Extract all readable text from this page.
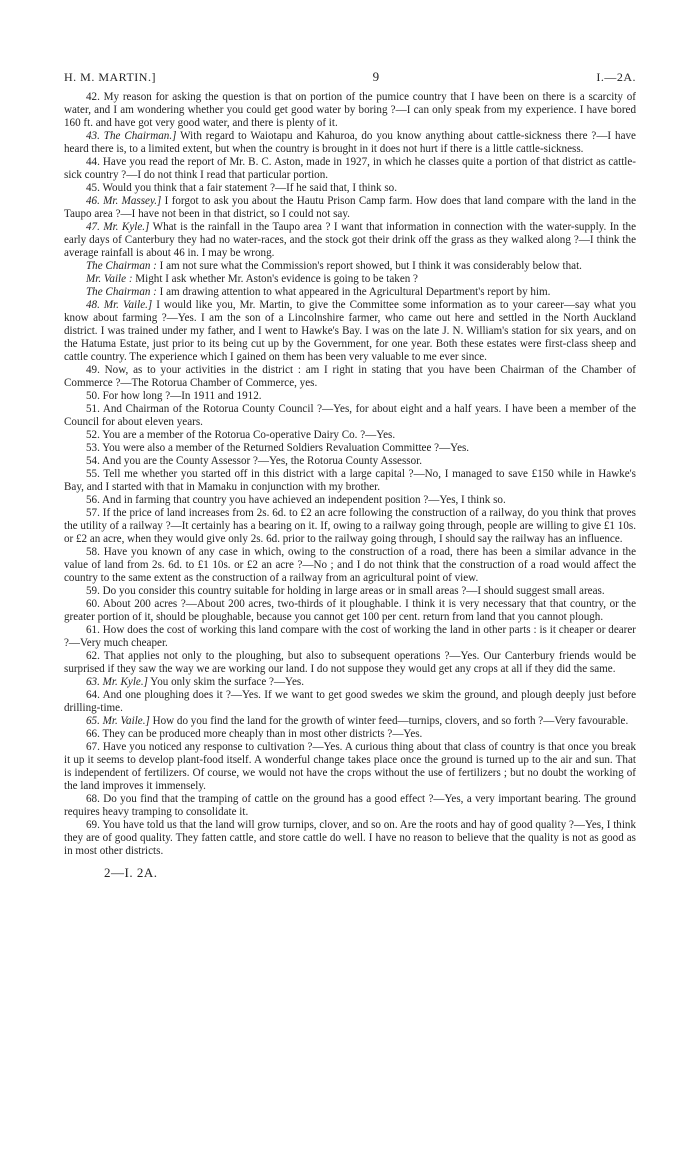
H. M. MARTIN.]	9	I.—2A.

42. My reason for asking the question is that on portion of the pumice country that I have been on there is a scarcity of water, and I am wondering whether you could get good water by boring ?—I can only speak from my experience. I have bored 160 ft. and have got very good water, and there is plenty of it.

43. The Chairman.] With regard to Waiotapu and Kahuroa, do you know anything about cattle-sickness there ?—I have heard there is, to a limited extent, but when the country is brought in it does not hurt if there is a little cattle-sickness.

44. Have you read the report of Mr. B. C. Aston, made in 1927, in which he classes quite a portion of that district as cattle-sick country ?—I do not think I read that particular portion.

45. Would you think that a fair statement ?—If he said that, I think so.

46. Mr. Massey.] I forgot to ask you about the Hautu Prison Camp farm. How does that land compare with the land in the Taupo area ?—I have not been in that district, so I could not say.

47. Mr. Kyle.] What is the rainfall in the Taupo area ? I want that information in connection with the water-supply. In the early days of Canterbury they had no water-races, and the stock got their drink off the grass as they walked along ?—I think the average rainfall is about 46 in. I may be wrong.

The Chairman : I am not sure what the Commission's report showed, but I think it was considerably below that.

Mr. Vaile : Might I ask whether Mr. Aston's evidence is going to be taken ?

The Chairman : I am drawing attention to what appeared in the Agricultural Department's report by him.

48. Mr. Vaile.] I would like you, Mr. Martin, to give the Committee some information as to your career—say what you know about farming ?—Yes. I am the son of a Lincolnshire farmer, who came out here and settled in the North Auckland district. I was trained under my father, and I went to Hawke's Bay. I was on the late J. N. William's station for six years, and on the Hatuma Estate, just prior to its being cut up by the Government, for one year. Both these estates were first-class sheep and cattle country. The experience which I gained on them has been very valuable to me ever since.

49. Now, as to your activities in the district : am I right in stating that you have been Chairman of the Chamber of Commerce ?—The Rotorua Chamber of Commerce, yes.

50. For how long ?—In 1911 and 1912.

51. And Chairman of the Rotorua County Council ?—Yes, for about eight and a half years. I have been a member of the Council for about eleven years.

52. You are a member of the Rotorua Co-operative Dairy Co. ?—Yes.

53. You were also a member of the Returned Soldiers Revaluation Committee ?—Yes.

54. And you are the County Assessor ?—Yes, the Rotorua County Assessor.

55. Tell me whether you started off in this district with a large capital ?—No, I managed to save £150 while in Hawke's Bay, and I started with that in Mamaku in conjunction with my brother.

56. And in farming that country you have achieved an independent position ?—Yes, I think so.

57. If the price of land increases from 2s. 6d. to £2 an acre following the construction of a railway, do you think that proves the utility of a railway ?—It certainly has a bearing on it. If, owing to a railway going through, people are willing to give £1 10s. or £2 an acre, when they would give only 2s. 6d. prior to the railway going through, I should say the railway has an influence.

58. Have you known of any case in which, owing to the construction of a road, there has been a similar advance in the value of land from 2s. 6d. to £1 10s. or £2 an acre ?—No ; and I do not think that the construction of a road would affect the country to the same extent as the construction of a railway from an agricultural point of view.

59. Do you consider this country suitable for holding in large areas or in small areas ?—I should suggest small areas.

60. About 200 acres ?—About 200 acres, two-thirds of it ploughable. I think it is very necessary that that country, or the greater portion of it, should be ploughable, because you cannot get 100 per cent. return from land that you cannot plough.

61. How does the cost of working this land compare with the cost of working the land in other parts : is it cheaper or dearer ?—Very much cheaper.

62. That applies not only to the ploughing, but also to subsequent operations ?—Yes. Our Canterbury friends would be surprised if they saw the way we are working our land. I do not suppose they would get any crops at all if they did the same.

63. Mr. Kyle.] You only skim the surface ?—Yes.

64. And one ploughing does it ?—Yes. If we want to get good swedes we skim the ground, and plough deeply just before drilling-time.

65. Mr. Vaile.] How do you find the land for the growth of winter feed—turnips, clovers, and so forth ?—Very favourable.

66. They can be produced more cheaply than in most other districts ?—Yes.

67. Have you noticed any response to cultivation ?—Yes. A curious thing about that class of country is that once you break it up it seems to develop plant-food itself. A wonderful change takes place once the ground is turned up to the air and sun. That is independent of fertilizers. Of course, we would not have the crops without the use of fertilizers ; but no doubt the working of the land improves it immensely.

68. Do you find that the tramping of cattle on the ground has a good effect ?—Yes, a very important bearing. The ground requires heavy tramping to consolidate it.

69. You have told us that the land will grow turnips, clover, and so on. Are the roots and hay of good quality ?—Yes, I think they are of good quality. They fatten cattle, and store cattle do well. I have no reason to believe that the quality is not as good as in most other districts.

2—I. 2A.
